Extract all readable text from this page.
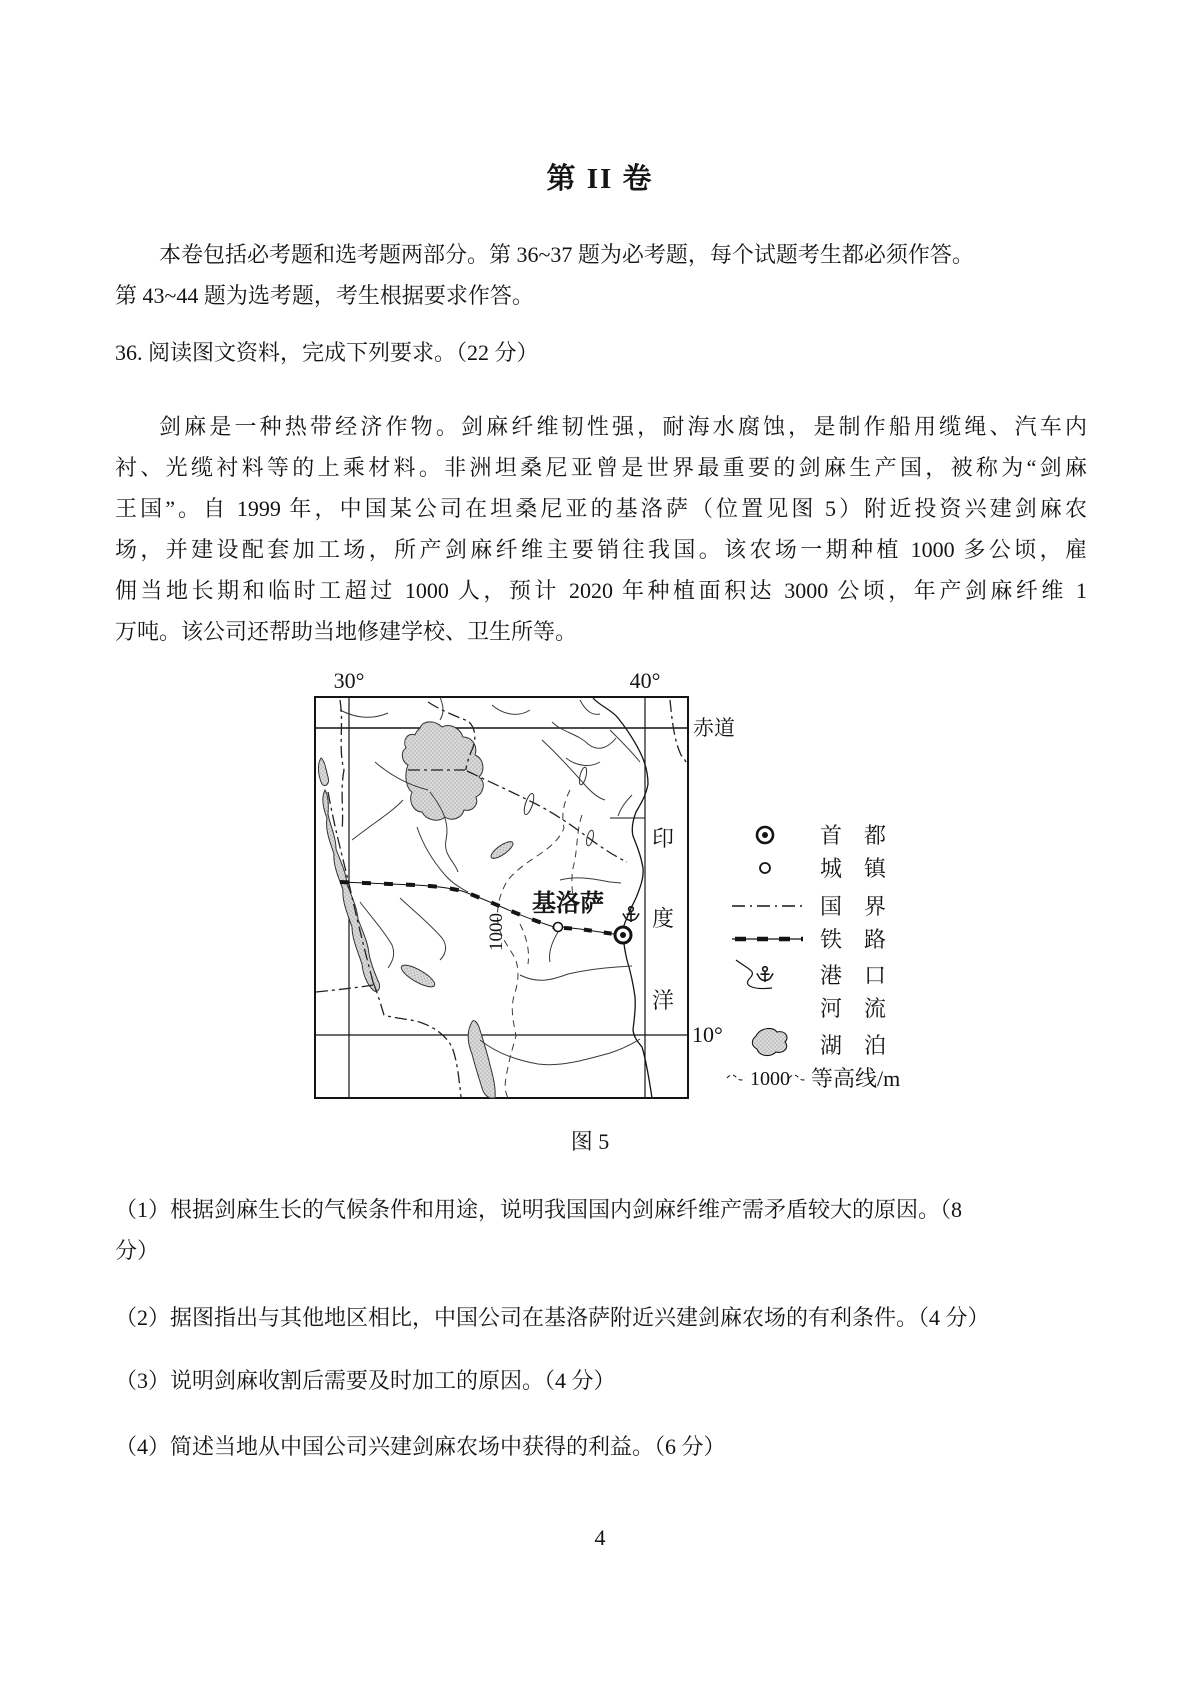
第 II 卷
本卷包括必考题和选考题两部分。第 36~37 题为必考题，每个试题考生都必须作答。
第 43~44 题为选考题，考生根据要求作答。
36. 阅读图文资料，完成下列要求。（22 分）
剑麻是一种热带经济作物。剑麻纤维韧性强，耐海水腐蚀，是制作船用缆绳、汽车内
衬、光缆衬料等的上乘材料。非洲坦桑尼亚曾是世界最重要的剑麻生产国，被称为“剑麻
王国”。自 1999 年，中国某公司在坦桑尼亚的基洛萨（位置见图 5）附近投资兴建剑麻农
场，并建设配套加工场，所产剑麻纤维主要销往我国。该农场一期种植 1000 多公顷，雇
佣当地长期和临时工超过 1000 人，预计 2020 年种植面积达 3000 公顷，年产剑麻纤维 1
万吨。该公司还帮助当地修建学校、卫生所等。
30°	40°
赤道
10°
印
度
洋
基洛萨
1000
首　都
城　镇
国　界
铁　路
港　口
河　流
湖　泊
1000 等高线/m
图 5
（1）根据剑麻生长的气候条件和用途，说明我国国内剑麻纤维产需矛盾较大的原因。（8
分）
（2）据图指出与其他地区相比，中国公司在基洛萨附近兴建剑麻农场的有利条件。（4 分）
（3）说明剑麻收割后需要及时加工的原因。（4 分）
（4）简述当地从中国公司兴建剑麻农场中获得的利益。（6 分）
4
